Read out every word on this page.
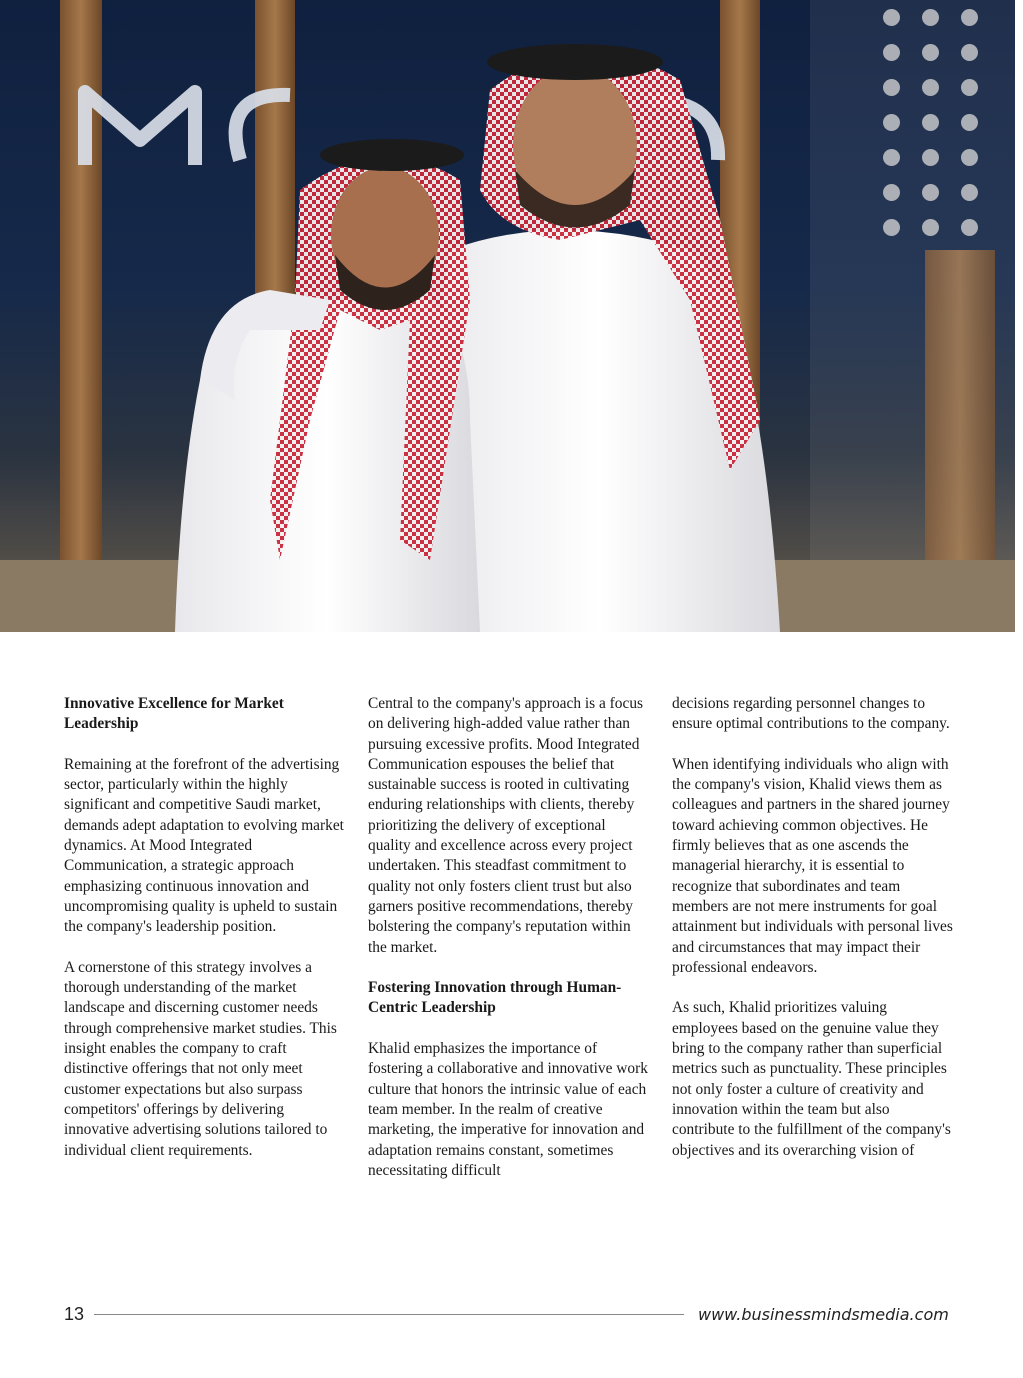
Innovative Excellence for Market Leadership

Remaining at the forefront of the advertising sector, particularly within the highly significant and competitive Saudi market, demands adept adaptation to evolving market dynamics. At Mood Integrated Communication, a strategic approach emphasizing continuous innovation and uncompromising quality is upheld to sustain the company's leadership position.

A cornerstone of this strategy involves a thorough understanding of the market landscape and discerning customer needs through comprehensive market studies. This insight enables the company to craft distinctive offerings that not only meet customer expectations but also surpass competitors' offerings by delivering innovative advertising solutions tailored to individual client requirements.

Central to the company's approach is a focus on delivering high-added value rather than pursuing excessive profits. Mood Integrated Communication espouses the belief that sustainable success is rooted in cultivating enduring relationships with clients, thereby prioritizing the delivery of exceptional quality and excellence across every project undertaken. This steadfast commitment to quality not only fosters client trust but also garners positive recommendations, thereby bolstering the company's reputation within the market.

Fostering Innovation through Human-Centric Leadership

Khalid emphasizes the importance of fostering a collaborative and innovative work culture that honors the intrinsic value of each team member. In the realm of creative marketing, the imperative for innovation and adaptation remains constant, sometimes necessitating difficult

decisions regarding personnel changes to ensure optimal contributions to the company.

When identifying individuals who align with the company's vision, Khalid views them as colleagues and partners in the shared journey toward achieving common objectives. He firmly believes that as one ascends the managerial hierarchy, it is essential to recognize that subordinates and team members are not mere instruments for goal attainment but individuals with personal lives and circumstances that may impact their professional endeavors.

As such, Khalid prioritizes valuing employees based on the genuine value they bring to the company rather than superficial metrics such as punctuality. These principles not only foster a culture of creativity and innovation within the team but also contribute to the fulfillment of the company's objectives and its overarching vision of

13	www.businessmindsmedia.com
